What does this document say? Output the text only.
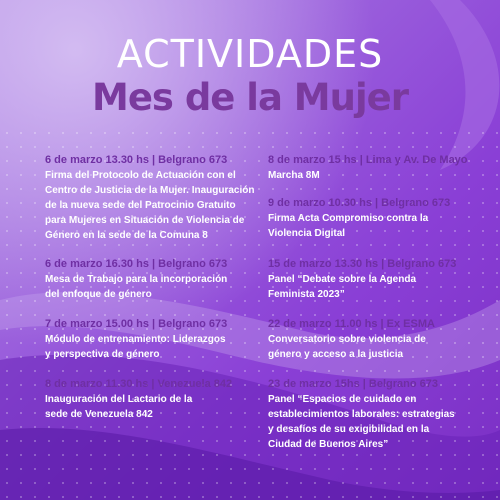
ACTIVIDADES
Mes de la Mujer
6 de marzo 13.30 hs | Belgrano 673
Firma del Protocolo de Actuación con el
Centro de Justicia de la Mujer. Inauguración
de la nueva sede del Patrocinio Gratuito
para Mujeres en Situación de Violencia de
Género en la sede de la Comuna 8
6 de marzo 16.30 hs | Belgrano 673
Mesa de Trabajo para la incorporación
del enfoque de género
7 de marzo 15.00 hs | Belgrano 673
Módulo de entrenamiento: Liderazgos
y perspectiva de género
8 de marzo 11.30 hs | Venezuela 842
Inauguración del Lactario de la
sede de Venezuela 842
8 de marzo 15 hs | Lima y Av. De Mayo
Marcha 8M
9 de marzo 10.30 hs | Belgrano 673
Firma Acta Compromiso contra la
Violencia Digital
15 de marzo 13.30 hs | Belgrano 673
Panel “Debate sobre la Agenda
Feminista 2023”
22 de marzo 11.00 hs | Ex ESMA
Conversatorio sobre violencia de
género y acceso a la justicia
23 de marzo 15hs | Belgrano 673
Panel “Espacios de cuidado en
establecimientos laborales: estrategias
y desafíos de su exigibilidad en la
Ciudad de Buenos Aires”
